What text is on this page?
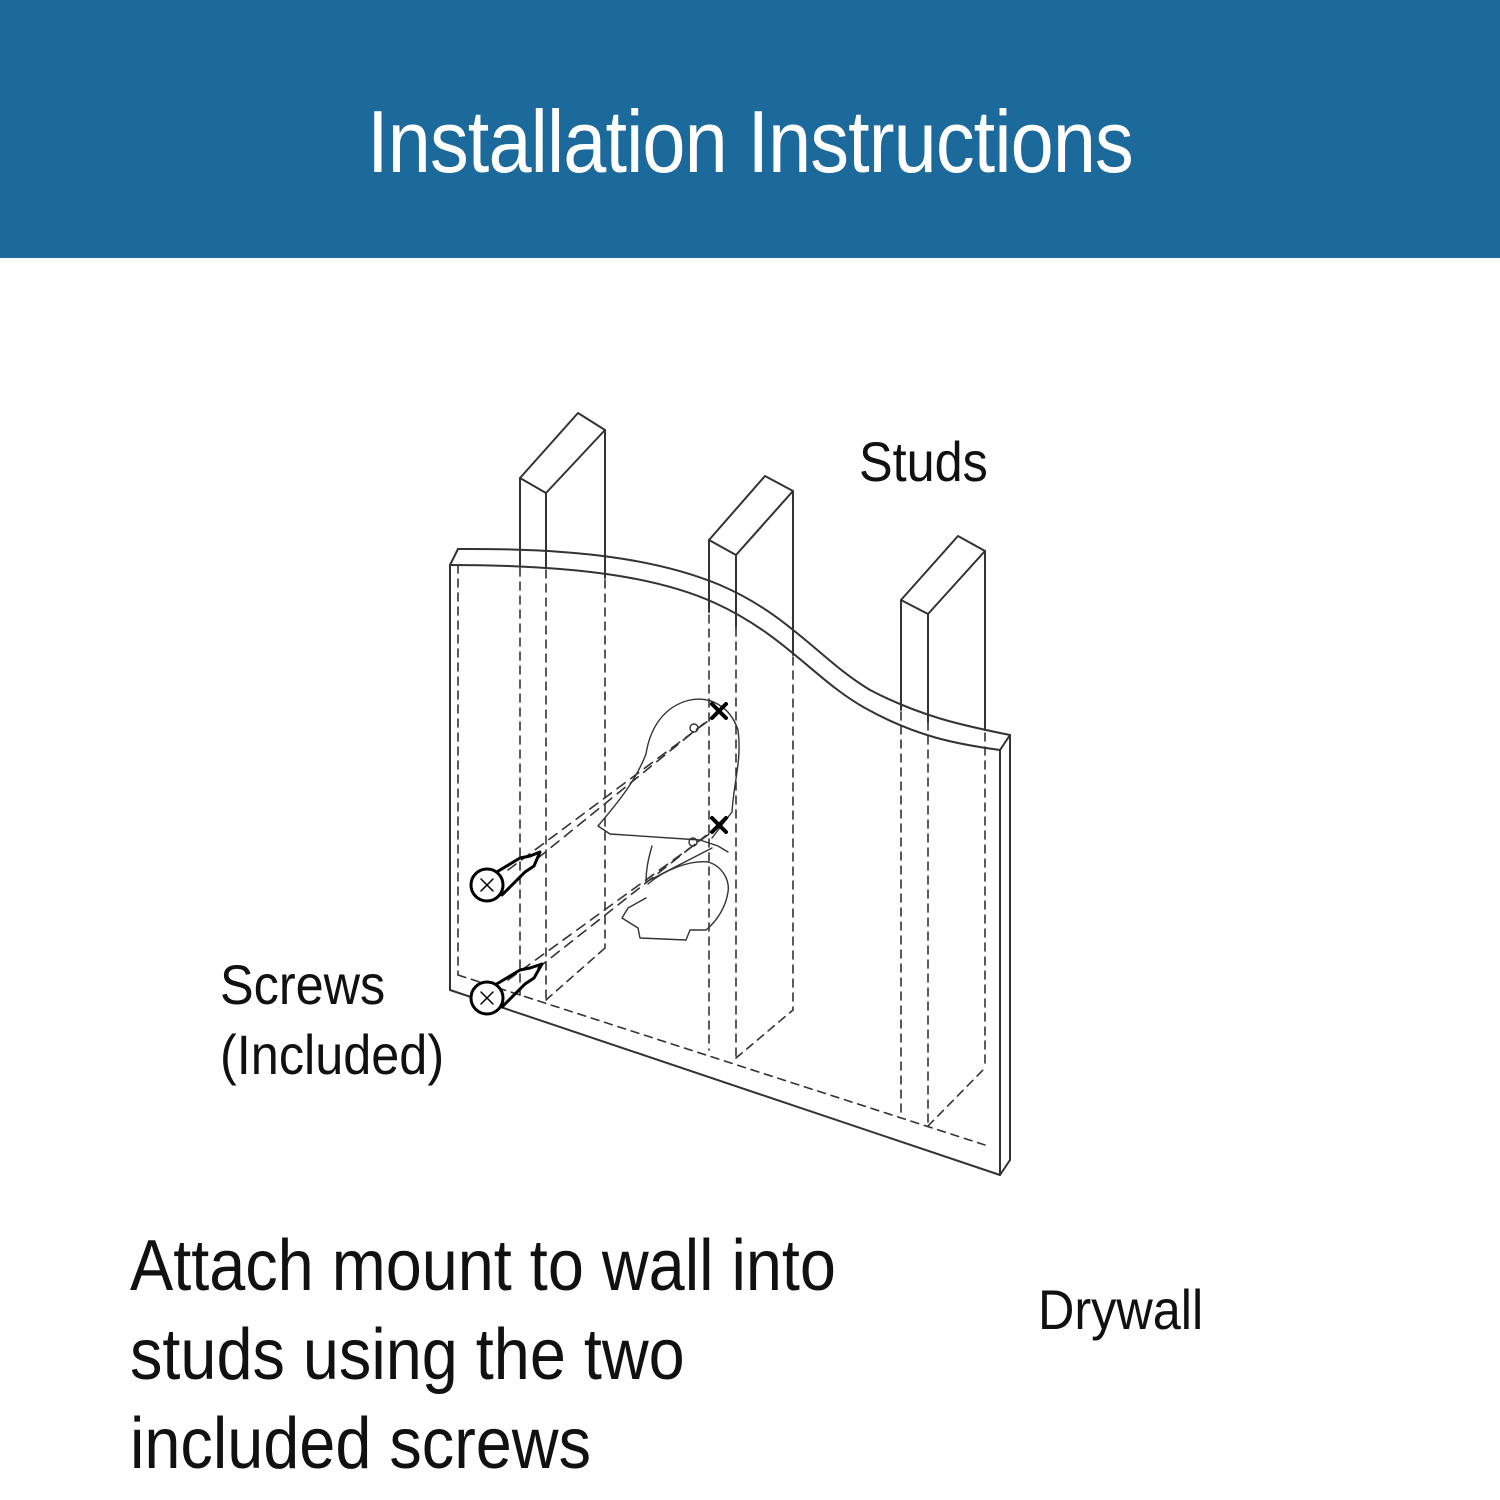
Installation Instructions
Studs
Screws (Included)
Drywall
Attach mount to wall into studs using the two included screws
